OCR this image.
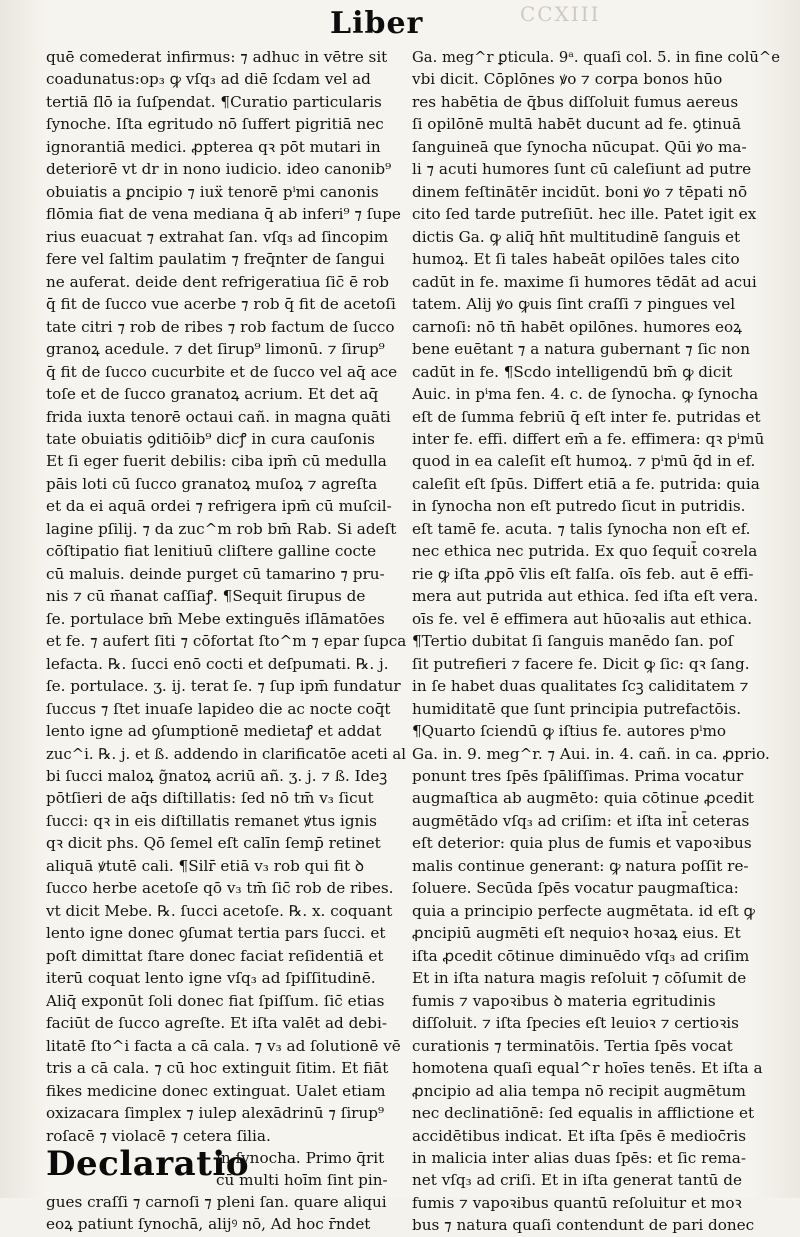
CCXIII
Liber
quē comederat infirmus: ⁊ adhuc in vētre sit
coadunatus:op₃ ꝙ vſq₃ ad diē ſcdam vel ad
tertiā ſlō ia ſuſpendat. ¶Curatio particularis
ſynoche. Iſta egritudo nō ſuffert pigritiā nec
ignorantiā medici. ꝓpterea qꝛ pōt mutari in
deteriorē vt dr in nono iudicio. ideo canonib⁹
obuiatis a ꝑncipio ⁊ iuẍ tenorē pⁱmi canonis
flōmia fiat de vena mediana q̄ ab inferi⁹ ⁊ ſupe
rius euacuat ⁊ extrahat ſan. vſq₃ ad ſincopim
fere vel ſaltim paulatim ⁊ freq̄nter de ſangui
ne auferat. deide dent refrigeratiua ſic̄ ē rob
q̄ fit de ſucco vue acerbe ⁊ rob q̄ fit de acetoſi
tate citri ⁊ rob de ribes ⁊ rob factum de ſucco
granoꝝ acedule. ⁊ det ſirup⁹ limonū. ⁊ ſirup⁹
q̄ fit de ſucco cucurbite et de ſucco vel aq̄ ace
toſe et de ſucco granatoꝝ acrium. Et det aq̄
frida iuxta tenorē octaui cañ. in magna quāti
tate obuiatis ꝯditiōib⁹ dicꝭ in cura cauſonis
Et ſi eger fuerit debilis: ciba ipm̄ cū medulla
pāis loti cū ſucco granatoꝝ muſoꝝ ⁊ agreſta
et da ei aquā ordei ⁊ refrigera ipm̄ cū muſcil-
lagine pſilij. ⁊ da zuc^m rob bm̄ Rab. Si adeſt
cōſtipatio fiat lenitiuū cliſtere galline cocte
cū maluis. deinde purget cū tamarino ⁊ pru-
nis ⁊ cū m̄anat caſſiaꝭ. ¶Sequit ſirupus de
ſe. portulace bm̄ Mebe extinguēs iſlāmatōes
et fe. ⁊ aufert ſiti ⁊ cōfortat ſto^m ⁊ epar ſupca
lefacta. ℞. ſucci enō cocti et deſpumati. ℞. j.
ſe. portulace. ʒ. ij. terat ſe. ⁊ ſup ipm̄ fundatur
ſuccus ⁊ ſtet inuaſe lapideo die ac nocte coq̄t
lento igne ad ꝯſumptionē medietaꝭ et addat
zuc^i. ℞. j. et ß. addendo in clarificatōe aceti al
bi ſucci maloꝝ g̃natoꝝ acriū añ. ʒ. j. ⁊ ß. Ideꝫ
pōtſieri de aq̄s diſtillatis: ſed nō tm̄ v₃ ſicut
ſucci: qꝛ in eis diſtillatis remanet ꝟtus ignis
qꝛ dicit phs. Qō ſemel eſt calīn ſemp̄ retinet
aliquā ꝟtutē cali. ¶Silr̄ etiā v₃ rob qui fit ꝺ
ſucco herbe acetoſe qō v₃ tm̄ ſic̄ rob de ribes.
vt dicit Mebe. ℞. ſucci acetoſe. ℞. x. coquant
lento igne donec ꝯſumat tertia pars ſucci. et
poſt dimittat ſtare donec faciat reſidentiā et
iterū coquat lento igne vſq₃ ad ſpiſſitudinē.
Aliq̄ exponūt ſoli donec fiat ſpiſſum. ſic̄ etias
faciūt de ſucco agreſte. Et iſta valēt ad debi-
litatē ſto^i facta a cā cala. ⁊ v₃ ad ſolutionē vē
tris a cā cala. ⁊ cū hoc extinguit ſitim. Et fiāt
fikes medicine donec extinguat. Ualet etiam
oxizacara ſimplex ⁊ iulep alexādrinū ⁊ ſirup⁹
roſacē ⁊ violacē ⁊ cetera ſilia.
Declaratio
in ſynocha. Primo q̄rit
cū multi hoīm ſint pin-
gues craſſi ⁊ carnoſi ⁊ pleni ſan. quare aliqui
eoꝝ patiunt ſynochā, alijꝰ nō, Ad hoc r̄ndet
Ga. meg^r ꝑticula. 9ᵃ. quaſi col. 5. in fine colū^e
vbi dicit. Cōplōnes ꝟo ⁊ corpa bonos hūo
res habētia de q̄bus diſſoluit fumus aereus
ſi opilōnē multā habēt ducunt ad fe. ꝯtinuā
ſanguineā que ſynocha nūcupat. Qūi ꝟo ma-
li ⁊ acuti humores ſunt cū caleſiunt ad putre
dinem feſtinātēr incidūt. boni ꝟo ⁊ tēpati nō
cito ſed tarde putreſiūt. hec ille. Patet igit ex
dictis Ga. ꝙ aliq̄ hn̄t multitudinē ſanguis et
humoꝝ. Et ſi tales habeāt opilōes tales cito
cadūt in fe. maxime ſi humores tēdāt ad acui
tatem. Alij ꝟo ꝙuis ſint craſſi ⁊ pingues vel
carnoſi: nō tn̄ habēt opilōnes. humores eoꝝ
bene euētant ⁊ a natura gubernant ⁊ ſic non
cadūt in fe. ¶Scdo intelligendū bm̄ ꝙ dicit
Auic. in pⁱma fen. 4. c. de ſynocha. ꝙ ſynocha
eſt de ſumma febriū q̄ eſt inter fe. putridas et
inter fe. effi. differt em̄ a fe. effimera: qꝛ pⁱmū
quod in ea caleſit eſt humoꝝ. ⁊ pⁱmū q̄d in ef.
caleſit eſt ſpūs. Differt etiā a fe. putrida: quia
in ſynocha non eſt putredo ſicut in putridis.
eſt tamē fe. acuta. ⁊ talis ſynocha non eſt ef.
nec ethica nec putrida. Ex quo ſequit̄ coꝛrela
rie ꝙ iſta ꝓpō v̄lis eſt falſa. oīs feb. aut ē effi-
mera aut putrida aut ethica. ſed iſta eſt vera.
oīs fe. vel ē effimera aut hūoꝛalis aut ethica.
¶Tertio dubitat ſi ſanguis manēdo ſan. poſ
ſit putrefieri ⁊ facere fe. Dicit ꝙ ſic: qꝛ ſang.
in ſe habet duas qualitates ſcꝫ caliditatem ⁊
humiditatē que ſunt principia putrefactōis.
¶Quarto ſciendū ꝙ iſtius fe. autores pⁱmo
Ga. in. 9. meg^r. ⁊ Aui. in. 4. cañ. in ca. ꝓprio.
ponunt tres ſpēs ſpāliſſimas. Prima vocatur
augmaſtica ab augmēto: quia cōtinue ꝓcedit
augmētādo vſq₃ ad criſim: et iſta int̄ ceteras
eſt deterior: quia plus de fumis et vapoꝛibus
malis continue generant: ꝙ natura poſſit re-
ſoluere. Secūda ſpēs vocatur paugmaſtica:
quia a principio perfecte augmētata. id eſt ꝙ
ꝓncipiū augmēti eſt nequioꝛ hoꝛaꝝ eius. Et
iſta ꝓcedit cōtinue diminuēdo vſq₃ ad criſim
Et in iſta natura magis reſoluit ⁊ cōſumit de
fumis ⁊ vapoꝛibus ꝺ materia egritudinis
diſſoluit. ⁊ iſta ſpecies eſt leuioꝛ ⁊ certioꝛis
curationis ⁊ terminatōis. Tertia ſpēs vocat
homotena quaſi equal^r hoīes tenēs. Et iſta a
ꝓncipio ad alia tempa nō recipit augmētum
nec declinatiōnē: ſed equalis in afflictione et
accidētibus indicat. Et iſta ſpēs ē medioc̄ris
in malicia inter alias duas ſpēs: et ſic rema-
net vſq₃ ad criſi. Et in iſta generat tantū de
fumis ⁊ vapoꝛibus quantū reſoluitur et moꝛ
bus ⁊ natura quaſi contendunt de pari donec
